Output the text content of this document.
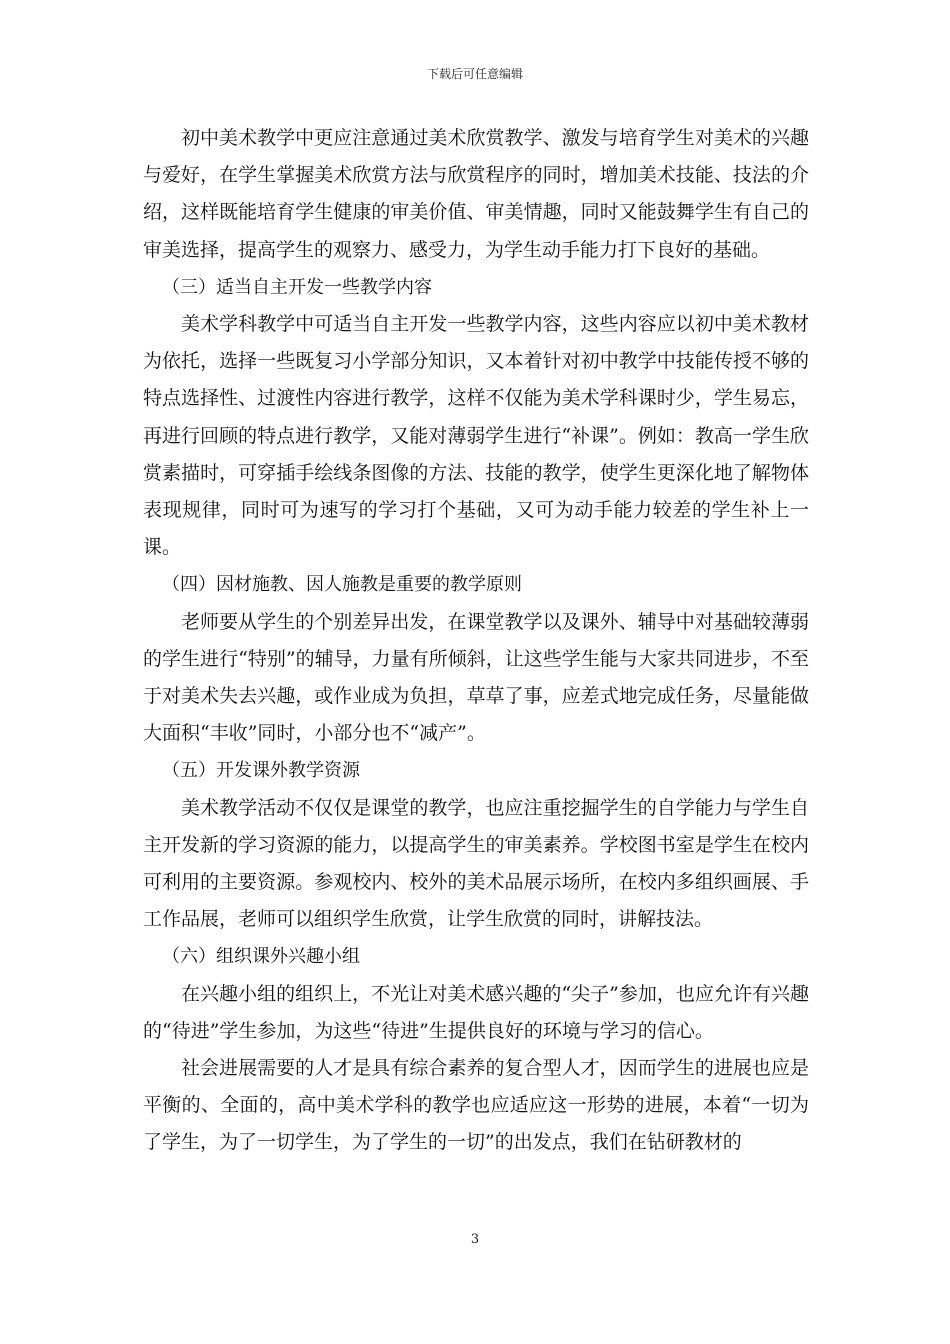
下载后可任意编辑

初中美术教学中更应注意通过美术欣赏教学、激发与培育学生对美术的兴趣与爱好，在学生掌握美术欣赏方法与欣赏程序的同时，增加美术技能、技法的介绍，这样既能培育学生健康的审美价值、审美情趣，同时又能鼓舞学生有自己的审美选择，提高学生的观察力、感受力，为学生动手能力打下良好的基础。

（三）适当自主开发一些教学内容

美术学科教学中可适当自主开发一些教学内容，这些内容应以初中美术教材为依托，选择一些既复习小学部分知识，又本着针对初中教学中技能传授不够的特点选择性、过渡性内容进行教学，这样不仅能为美术学科课时少，学生易忘，再进行回顾的特点进行教学，又能对薄弱学生进行“补课”。例如：教高一学生欣赏素描时，可穿插手绘线条图像的方法、技能的教学，使学生更深化地了解物体表现规律，同时可为速写的学习打个基础，又可为动手能力较差的学生补上一课。

（四）因材施教、因人施教是重要的教学原则

老师要从学生的个别差异出发，在课堂教学以及课外、辅导中对基础较薄弱的学生进行“特别”的辅导，力量有所倾斜，让这些学生能与大家共同进步，不至于对美术失去兴趣，或作业成为负担，草草了事，应差式地完成任务，尽量能做大面积“丰收”同时，小部分也不“减产”。

（五）开发课外教学资源

美术教学活动不仅仅是课堂的教学，也应注重挖掘学生的自学能力与学生自主开发新的学习资源的能力，以提高学生的审美素养。学校图书室是学生在校内可利用的主要资源。参观校内、校外的美术品展示场所，在校内多组织画展、手工作品展，老师可以组织学生欣赏，让学生欣赏的同时，讲解技法。

（六）组织课外兴趣小组

在兴趣小组的组织上，不光让对美术感兴趣的“尖子”参加，也应允许有兴趣的“待进”学生参加，为这些“待进”生提供良好的环境与学习的信心。

社会进展需要的人才是具有综合素养的复合型人才，因而学生的进展也应是平衡的、全面的，高中美术学科的教学也应适应这一形势的进展，本着“一切为了学生，为了一切学生，为了学生的一切”的出发点，我们在钻研教材的

3
